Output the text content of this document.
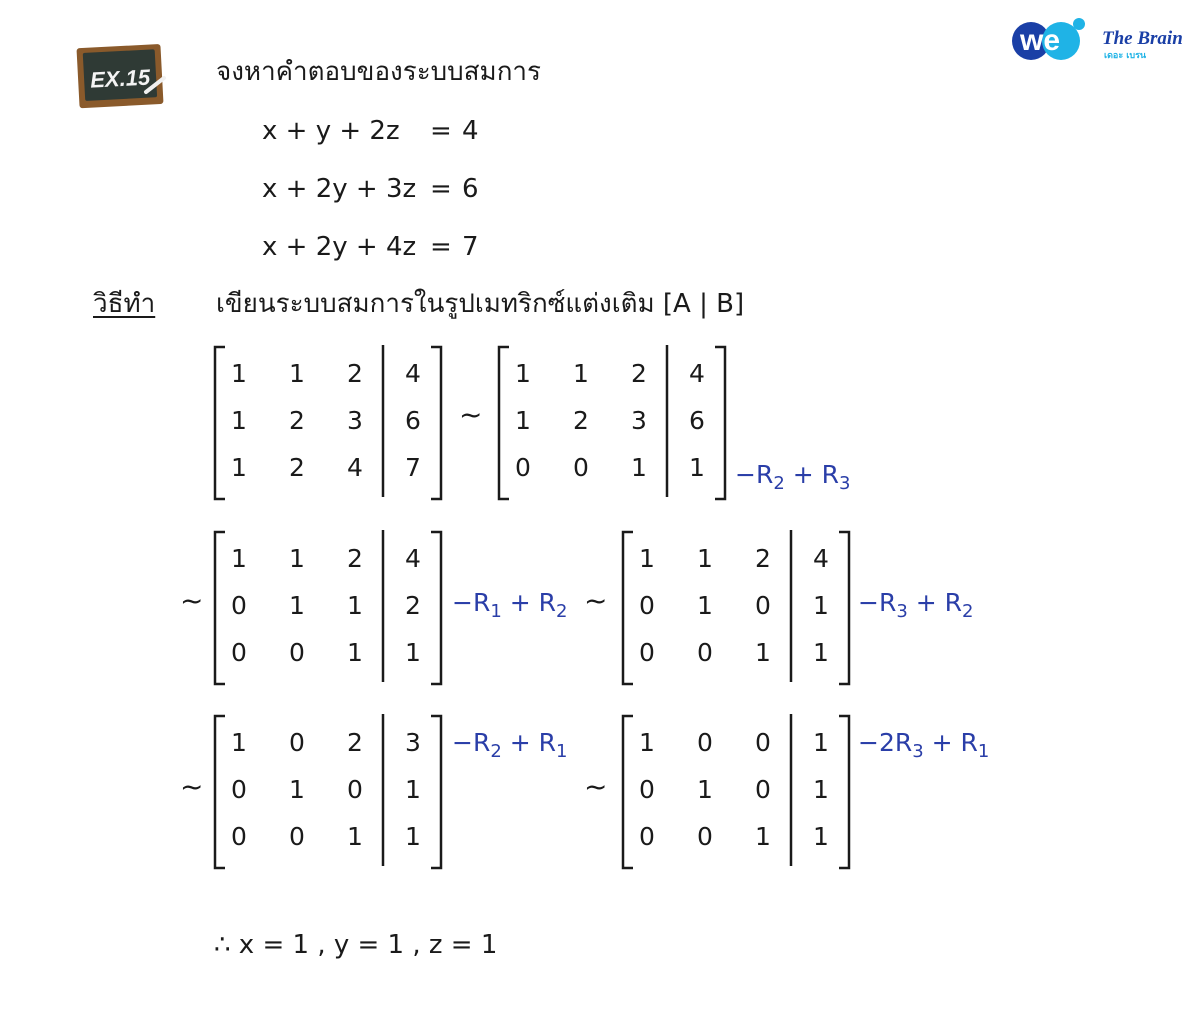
EX.15
we The Brain
เดอะ เบรน
จงหาคำตอบของระบบสมการ
x + y + 2z = 4
x + 2y + 3z = 6
x + 2y + 4z = 7
วิธีทำ เขียนระบบสมการในรูปเมทริกซ์แต่งเติม [A | B]
1	1	2	4
1	2	3	6
1	2	4	7
1	1	2	4
1	2	3	6
0	0	1	1
1	1	2	4
0	1	1	2
0	0	1	1
1	1	2	4
0	1	0	1
0	0	1	1
1	0	2	3
0	1	0	1
0	0	1	1
1	0	0	1
0	1	0	1
0	0	1	1
~
~	~
~	~
$-R_2 + R_3$
$-R_1 + R_2$	$-R_3 + R_2$
$-R_2 + R_1$	$-2R_3 + R_1$
∴ x = 1 , y = 1 , z = 1
